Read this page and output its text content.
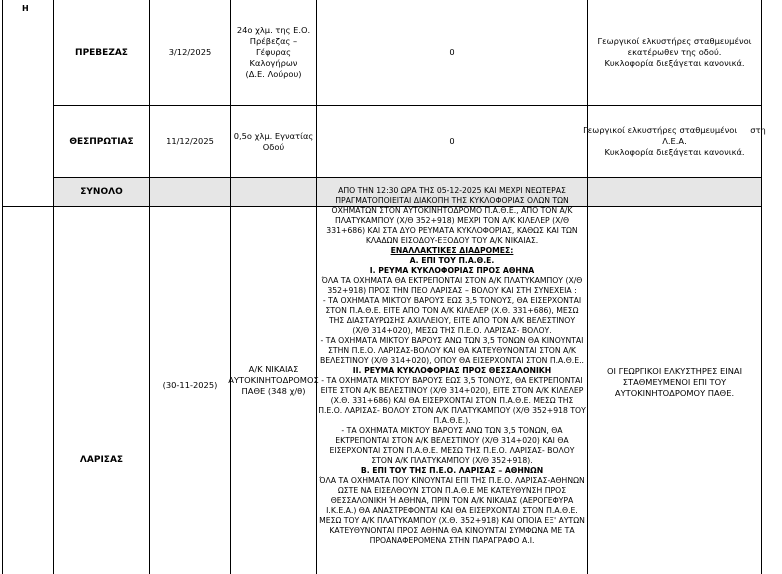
Η
ΠΡΕΒΕΖΑΣ	3/12/2025
24ο χλμ. της Ε.Ο.
Πρέβεζας – Γέφυρας
Καλογήρων
(Δ.Ε. Λούρου)
0
Γεωργικοί ελκυστήρες σταθμευμένοι
εκατέρωθεν της οδού.
Κυκλοφορία διεξάγεται κανονικά.
ΘΕΣΠΡΩΤΙΑΣ	11/12/2025
0,5ο χλμ. Εγνατίας
Οδού
0
Γεωργικοί ελκυστήρες σταθμευμένοι     στη
Λ.Ε.Α.
Κυκλοφορία διεξάγεται κανονικά.
ΣΥΝΟΛΟ
ΛΑΡΙΣΑΣ
(30-11-2025)
Α/Κ ΝΙΚΑΙΑΣ
ΑΥΤΟΚΙΝΗΤΟΔΡΟΜΟΣ
ΠΑΘΕ (348 χ/θ)
ΟΙ ΓΕΩΡΓΙΚΟΙ ΕΛΚΥΣΤΗΡΕΣ ΕΙΝΑΙ
ΣΤΑΘΜΕΥΜΕΝΟΙ ΕΠΙ ΤΟΥ
ΑΥΤΟΚΙΝΗΤΟΔΡΟΜΟΥ ΠΑΘΕ.
ΑΠΟ ΤΗΝ 12:30 ΩΡΑ ΤΗΣ 05-12-2025 ΚΑΙ ΜΕΧΡΙ ΝΕΩΤΕΡΑΣ
ΠΡΑΓΜΑΤΟΠΟΙΕΙΤΑΙ ΔΙΑΚΟΠΗ ΤΗΣ ΚΥΚΛΟΦΟΡΙΑΣ ΟΛΩΝ ΤΩΝ
ΟΧΗΜΑΤΩΝ ΣΤΟΝ ΑΥΤΟΚΙΝΗΤΟΔΡΟΜΟ Π.Α.Θ.Ε., ΑΠΟ ΤΟΝ Α/Κ
ΠΛΑΤΥΚΑΜΠΟΥ (Χ/Θ 352+918) ΜΕΧΡΙ ΤΟΝ Α/Κ ΚΙΛΕΛΕΡ (Χ/Θ
331+686) ΚΑΙ ΣΤΑ ΔΥΟ ΡΕΥΜΑΤΑ ΚΥΚΛΟΦΟΡΙΑΣ, ΚΑΘΩΣ ΚΑΙ ΤΩΝ
ΚΛΑΔΩΝ ΕΙΣΟΔΟΥ-ΕΞΟΔΟΥ ΤΟΥ Α/Κ ΝΙΚΑΙΑΣ.
ΕΝΑΛΛΑΚΤΙΚΕΣ ΔΙΑΔΡΟΜΕΣ:
Α. ΕΠΙ ΤΟΥ Π.Α.Θ.Ε.
Ι. ΡΕΥΜΑ ΚΥΚΛΟΦΟΡΙΑΣ ΠΡΟΣ ΑΘΗΝΑ
ΌΛΑ ΤΑ ΟΧΗΜΑΤΑ ΘΑ ΕΚΤΡΕΠΟΝΤΑΙ ΣΤΟΝ Α/Κ ΠΛΑΤΥΚΑΜΠΟΥ (Χ/Θ
352+918) ΠΡΟΣ ΤΗΝ ΠΕΟ ΛΑΡΙΣΑΣ – ΒΟΛΟΥ ΚΑΙ ΣΤΗ ΣΥΝΕΧΕΙΑ :
- ΤΑ ΟΧΗΜΑΤΑ ΜΙΚΤΟΥ ΒΑΡΟΥΣ ΕΩΣ 3,5 ΤΟΝΟΥΣ, ΘΑ ΕΙΣΕΡΧΟΝΤΑΙ
ΣΤΟΝ Π.Α.Θ.Ε. ΕΙΤΕ ΑΠΟ ΤΟΝ Α/Κ ΚΙΛΕΛΕΡ (Χ.Θ. 331+686), ΜΕΣΩ
ΤΗΣ ΔΙΑΣΤΑΥΡΩΣΗΣ ΑΧΙΛΛΕΙΟΥ, ΕΙΤΕ ΑΠΟ ΤΟΝ Α/Κ ΒΕΛΕΣΤΙΝΟΥ
(Χ/Θ 314+020), ΜΕΣΩ ΤΗΣ Π.Ε.Ο. ΛΑΡΙΣΑΣ- ΒΟΛΟΥ.
- ΤΑ ΟΧΗΜΑΤΑ ΜΙΚΤΟΥ ΒΑΡΟΥΣ ΑΝΩ ΤΩΝ 3,5 ΤΟΝΩΝ ΘΑ ΚΙΝΟΥΝΤΑΙ
ΣΤΗΝ Π.Ε.Ο. ΛΑΡΙΣΑΣ-ΒΟΛΟΥ ΚΑΙ ΘΑ ΚΑΤΕΥΘΥΝΟΝΤΑΙ ΣΤΟΝ Α/Κ
ΒΕΛΕΣΤΙΝΟΥ (Χ/Θ 314+020), ΟΠΟΥ ΘΑ ΕΙΣΕΡΧΟΝΤΑΙ ΣΤΟΝ Π.Α.Θ.Ε..
ΙΙ. ΡΕΥΜΑ ΚΥΚΛΟΦΟΡΙΑΣ ΠΡΟΣ ΘΕΣΣΑΛΟΝΙΚΗ
- ΤΑ ΟΧΗΜΑΤΑ ΜΙΚΤΟΥ ΒΑΡΟΥΣ ΕΩΣ 3,5 ΤΟΝΟΥΣ, ΘΑ ΕΚΤΡΕΠΟΝΤΑΙ
ΕΙΤΕ ΣΤΟΝ Α/Κ ΒΕΛΕΣΤΙΝΟΥ (Χ/Θ 314+020), ΕΙΤΕ ΣΤΟΝ Α/Κ ΚΙΛΕΛΕΡ
(Χ.Θ. 331+686) ΚΑΙ ΘΑ ΕΙΣΕΡΧΟΝΤΑΙ ΣΤΟΝ Π.Α.Θ.Ε. ΜΕΣΩ ΤΗΣ
Π.Ε.Ο. ΛΑΡΙΣΑΣ- ΒΟΛΟΥ ΣΤΟΝ Α/Κ ΠΛΑΤΥΚΑΜΠΟΥ (Χ/Θ 352+918 ΤΟΥ
Π.Α.Θ.Ε.).
- ΤΑ ΟΧΗΜΑΤΑ ΜΙΚΤΟΥ ΒΑΡΟΥΣ ΑΝΩ ΤΩΝ 3,5 ΤΟΝΩΝ, ΘΑ
ΕΚΤΡΕΠΟΝΤΑΙ ΣΤΟΝ Α/Κ ΒΕΛΕΣΤΙΝΟΥ (Χ/Θ 314+020) ΚΑΙ ΘΑ
ΕΙΣΕΡΧΟΝΤΑΙ ΣΤΟΝ Π.Α.Θ.Ε. ΜΕΣΩ ΤΗΣ Π.Ε.Ο. ΛΑΡΙΣΑΣ- ΒΟΛΟΥ
ΣΤΟΝ Α/Κ ΠΛΑΤΥΚΑΜΠΟΥ (Χ/Θ 352+918).
Β. ΕΠΙ ΤΟΥ ΤΗΣ Π.Ε.Ο. ΛΑΡΙΣΑΣ – ΑΘΗΝΩΝ
ΌΛΑ ΤΑ ΟΧΗΜΑΤΑ ΠΟΥ ΚΙΝΟΥΝΤΑΙ ΕΠΙ ΤΗΣ Π.Ε.Ο. ΛΑΡΙΣΑΣ-ΑΘΗΝΩΝ
ΩΣΤΕ ΝΑ ΕΙΣΕΛΘΟΥΝ ΣΤΟΝ Π.Α.Θ.Ε ΜΕ ΚΑΤΕΥΘΥΝΣΗ ΠΡΟΣ
ΘΕΣΣΑΛΟΝΙΚΗ Ή ΑΘΗΝΑ, ΠΡΙΝ ΤΟΝ Α/Κ ΝΙΚΑΙΑΣ (ΑΕΡΟΓΕΦΥΡΑ
Ι.Κ.Ε.Α.) ΘΑ ΑΝΑΣΤΡΕΦΟΝΤΑΙ ΚΑΙ ΘΑ ΕΙΣΕΡΧΟΝΤΑΙ ΣΤΟΝ Π.Α.Θ.Ε.
ΜΕΣΩ ΤΟΥ Α/Κ ΠΛΑΤΥΚΑΜΠΟΥ (Χ.Θ. 352+918) ΚΑΙ ΟΠΟΙΑ ΕΞ' ΑΥΤΩΝ
ΚΑΤΕΥΘΥΝΟΝΤΑΙ ΠΡΟΣ ΑΘΗΝΑ ΘΑ ΚΙΝΟΥΝΤΑΙ ΣΥΜΦΩΝΑ ΜΕ ΤΑ
ΠΡΟΑΝΑΦΕΡΟΜΕΝΑ ΣΤΗΝ ΠΑΡΑΓΡΑΦΟ Α.Ι.
